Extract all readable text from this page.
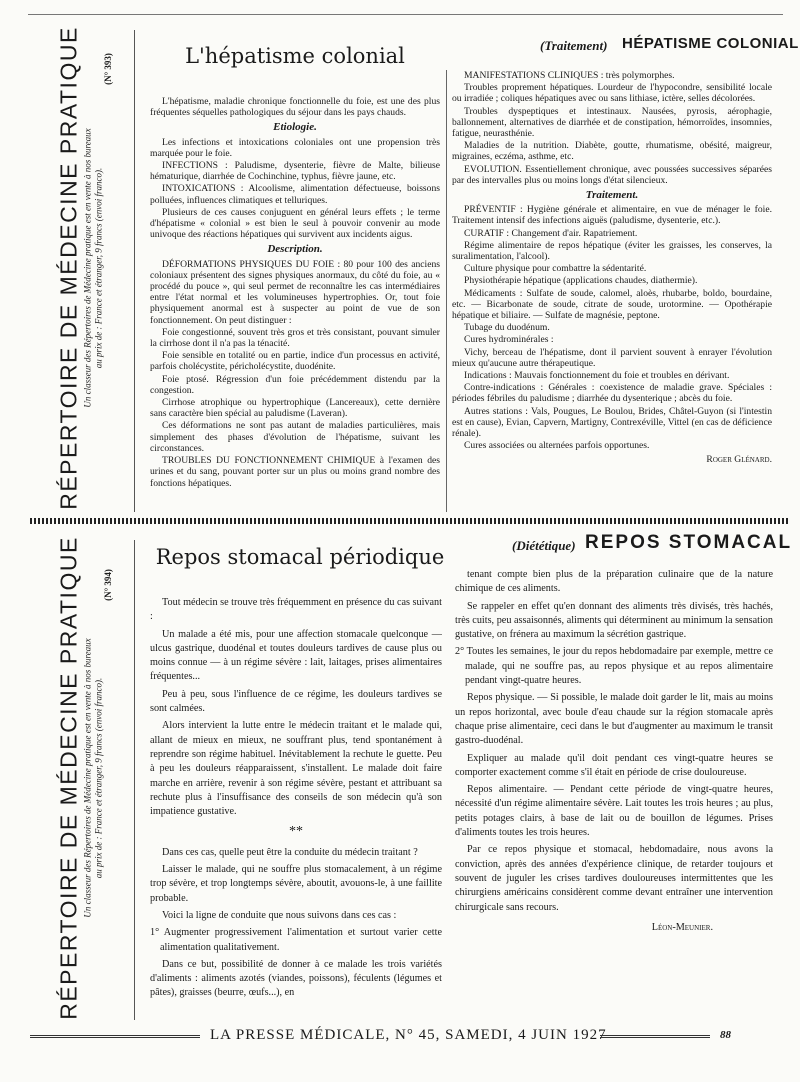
RÉPERTOIRE DE MÉDECINE PRATIQUE Un classeur des Répertoires de Médecine pratique est en vente à nos bureaux au prix de : France et étranger, 9 francs (envoi franco).
(N° 393)	L'hépatisme colonial	(Traitement) HÉPATISME COLONIAL

L'hépatisme, maladie chronique fonctionnelle du foie, est une des plus fréquentes séquelles pathologiques du séjour dans les pays chauds.

Etiologie.

Les infections et intoxications coloniales ont une propension très marquée pour le foie.

INFECTIONS : Paludisme, dysenterie, fièvre de Malte, bilieuse hématurique, diarrhée de Cochinchine, typhus, fièvre jaune, etc.

INTOXICATIONS : Alcoolisme, alimentation défectueuse, boissons polluées, influences climatiques et telluriques.

Plusieurs de ces causes conjuguent en général leurs effets ; le terme d'hépatisme « colonial » est bien le seul à pouvoir convenir au mode univoque des réactions hépatiques qui survivent aux incidents aigus.

Description.

DÉFORMATIONS PHYSIQUES DU FOIE : 80 pour 100 des anciens coloniaux présentent des signes physiques anormaux, du côté du foie, au « procédé du pouce », qui seul permet de reconnaître les cas intermédiaires entre l'état normal et les volumineuses hypertrophies. Or, tout foie physiquement anormal est à suspecter au point de vue de son fonctionnement. On peut distinguer :

Foie congestionné, souvent très gros et très consistant, pouvant simuler la cirrhose dont il n'a pas la ténacité.

Foie sensible en totalité ou en partie, indice d'un processus en activité, parfois cholécystite, péricholécystite, duodénite.

Foie ptosé. Régression d'un foie précédemment distendu par la congestion.

Cirrhose atrophique ou hypertrophique (Lancereaux), cette dernière sans caractère bien spécial au paludisme (Laveran).

Ces déformations ne sont pas autant de maladies particulières, mais simplement des phases d'évolution de l'hépatisme, suivant les circonstances.

TROUBLES DU FONCTIONNEMENT CHIMIQUE à l'examen des urines et du sang, pouvant porter sur un plus ou moins grand nombre des fonctions hépatiques.

MANIFESTATIONS CLINIQUES : très polymorphes.

Troubles proprement hépatiques. Lourdeur de l'hypocondre, sensibilité locale ou irradiée ; coliques hépatiques avec ou sans lithiase, ictère, selles décolorées.

Troubles dyspeptiques et intestinaux. Nausées, pyrosis, aérophagie, ballonnement, alternatives de diarrhée et de constipation, hémorroïdes, insomnies, fatigue, neurasthénie.

Maladies de la nutrition. Diabète, goutte, rhumatisme, obésité, maigreur, migraines, eczéma, asthme, etc.

EVOLUTION. Essentiellement chronique, avec poussées successives séparées par des intervalles plus ou moins longs d'état silencieux.

Traitement.

PRÉVENTIF : Hygiène générale et alimentaire, en vue de ménager le foie. Traitement intensif des infections aiguës (paludisme, dysenterie, etc.).

CURATIF : Changement d'air. Rapatriement.

Régime alimentaire de repos hépatique (éviter les graisses, les conserves, la suralimentation, l'alcool).

Culture physique pour combattre la sédentarité.

Physiothérapie hépatique (applications chaudes, diathermie).

Médicaments : Sulfate de soude, calomel, aloès, rhubarbe, boldo, bourdaine, etc. — Bicarbonate de soude, citrate de soude, urotormine. — Opothérapie hépatique et biliaire. — Sulfate de magnésie, peptone.

Tubage du duodénum.

Cures hydrominérales :

Vichy, berceau de l'hépatisme, dont il parvient souvent à enrayer l'évolution mieux qu'aucune autre thérapeutique.

Indications : Mauvais fonctionnement du foie et troubles en dérivant.

Contre-indications : Générales : coexistence de maladie grave. Spéciales : périodes fébriles du paludisme ; diarrhée du dysenterique ; abcès du foie.

Autres stations : Vals, Pougues, Le Boulou, Brides, Châtel-Guyon (si l'intestin est en cause), Evian, Capvern, Martigny, Contrexéville, Vittel (en cas de déficience rénale).

Cures associées ou alternées parfois opportunes.

Roger Glénard.

RÉPERTOIRE DE MÉDECINE PRATIQUE Un classeur des Répertoires de Médecine pratique est en vente à nos bureaux au prix de : France et étranger, 9 francs (envoi franco).
(N° 394)
Repos stomacal périodique	(Diététique) REPOS STOMACAL

Tout médecin se trouve très fréquemment en présence du cas suivant :

Un malade a été mis, pour une affection stomacale quelconque — ulcus gastrique, duodénal et toutes douleurs tardives de cause plus ou moins connue — à un régime sévère : lait, laitages, prises alimentaires fréquentes...

Peu à peu, sous l'influence de ce régime, les douleurs tardives se sont calmées.

Alors intervient la lutte entre le médecin traitant et le malade qui, allant de mieux en mieux, ne souffrant plus, tend spontanément à reprendre son régime habituel. Inévitablement la rechute le guette. Peu à peu les douleurs réapparaissent, s'installent. Le malade doit faire marche en arrière, revenir à son régime sévère, pestant et attribuant sa rechute plus à l'insuffisance des conseils de son médecin qu'à son impatience gustative.

**

Dans ces cas, quelle peut être la conduite du médecin traitant ?

Laisser le malade, qui ne souffre plus stomacalement, à un régime trop sévère, et trop longtemps sévère, aboutit, avouons-le, à une faillite probable.

Voici la ligne de conduite que nous suivons dans ces cas :

1° Augmenter progressivement l'alimentation et surtout varier cette alimentation qualitativement.

Dans ce but, possibilité de donner à ce malade les trois variétés d'aliments : aliments azotés (viandes, poissons), féculents (légumes et pâtes), graisses (beurre, œufs...), en

tenant compte bien plus de la préparation culinaire que de la nature chimique de ces aliments.

Se rappeler en effet qu'en donnant des aliments très divisés, très hachés, très cuits, peu assaisonnés, aliments qui déterminent au minimum la sensation gustative, on frénera au maximum la sécrétion gastrique.

2° Toutes les semaines, le jour du repos hebdomadaire par exemple, mettre ce malade, qui ne souffre pas, au repos physique et au repos alimentaire pendant vingt-quatre heures.

Repos physique. — Si possible, le malade doit garder le lit, mais au moins un repos horizontal, avec boule d'eau chaude sur la région stomacale après chaque prise alimentaire, ceci dans le but d'augmenter au maximum le transit gastro-duodénal.

Expliquer au malade qu'il doit pendant ces vingt-quatre heures se comporter exactement comme s'il était en période de crise douloureuse.

Repos alimentaire. — Pendant cette période de vingt-quatre heures, nécessité d'un régime alimentaire sévère. Lait toutes les trois heures ; au plus, petits potages clairs, à base de lait ou de bouillon de légumes. Prises d'aliments toutes les trois heures.

Par ce repos physique et stomacal, hebdomadaire, nous avons la conviction, après des années d'expérience clinique, de retarder toujours et souvent de juguler les crises tardives douloureuses intermittentes que les chirurgiens américains considèrent comme devant entraîner une intervention chirurgicale sans recours.

Léon-Meunier.

LA PRESSE MÉDICALE, N° 45, SAMEDI, 4 JUIN 1927	88
